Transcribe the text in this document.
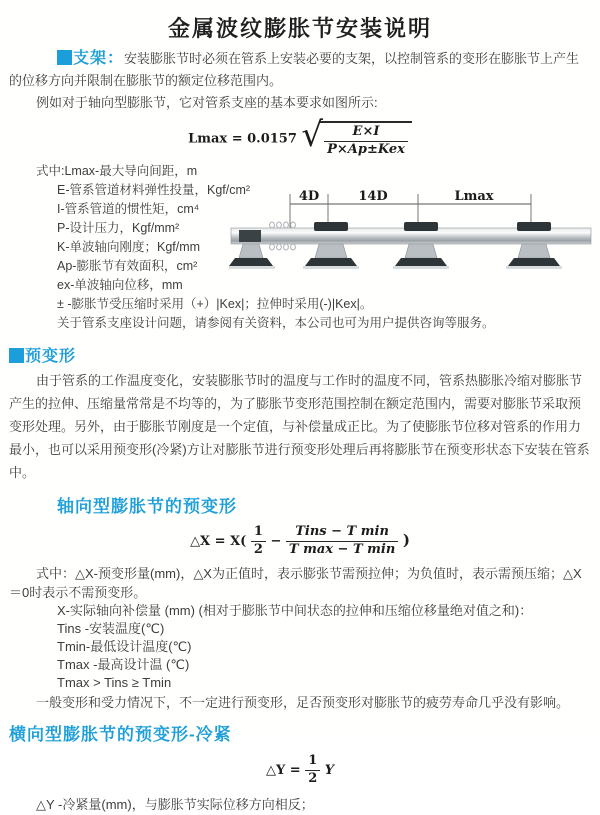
金属波纹膨胀节安装说明

支架：安装膨胀节时必须在管系上安装必要的支架，以控制管系的变形在膨胀节上产生的位移方向并限制在膨胀节的额定位移范围内。

例如对于轴向型膨胀节，它对管系支座的基本要求如图所示:

Lmax = 0.0157 √ $\frac{E\times I}{\text{P×Ap±Kex}}$

式中:Lmax-最大导向间距，m

E-管系管道材料弹性投量，Kgf/cm²

I-管系管道的惯性矩，cm⁴

P-设计压力，Kgf/mm²

K-单波轴向刚度；Kgf/mm

Ap-膨胀节有效面积，cm²

ex-单波轴向位移，mm

4D	14D	Lmax

± -膨胀节受压缩时采用（+）|Kex|；拉伸时采用(-)|Kex|。

关于管系支座设计问题，请参阅有关资料，本公司也可为用户提供咨询等服务。

预变形

由于管系的工作温度变化，安装膨胀节时的温度与工作时的温度不同，管系热膨胀冷缩对膨胀节产生的拉伸、压缩量常常是不均等的，为了膨胀节变形范围控制在额定范围内，需要对膨胀节采取预变形处理。另外，由于膨胀节刚度是一个定值，与补偿量成正比。为了使膨胀节位移对管系的作用力最小，也可以采用预变形(冷紧)方让对膨胀节进行预变形处理后再将膨胀节在预变形状态下安装在管系中。

轴向型膨胀节的预变形

△X = $X( \frac{1}{2} - \frac{\text{Tins − T min}}{\text{T max − T min}}$ )

式中：△X-预变形量(mm)，△X为正值时，表示膨张节需预拉伸；为负值时，表示需预压缩；△X＝0时表示不需预变形。

X-实际轴向补偿量 (mm) (相对于膨胀节中间状态的拉伸和压缩位移量绝对值之和)：

Tins -安装温度(℃)

Tmin-最低设计温度(℃)

Tmax -最高设计温 (℃)

Tmax > Tins ≥ Tmin

一般变形和受力情况下，不一定进行预变形，足否预变形对膨胀节的疲劳寿命几乎没有影响。

横向型膨胀节的预变形-冷紧

△Y = $\frac{1}{2}$ Y

△Y -冷紧量(mm)，与膨胀节实际位移方向相反；
